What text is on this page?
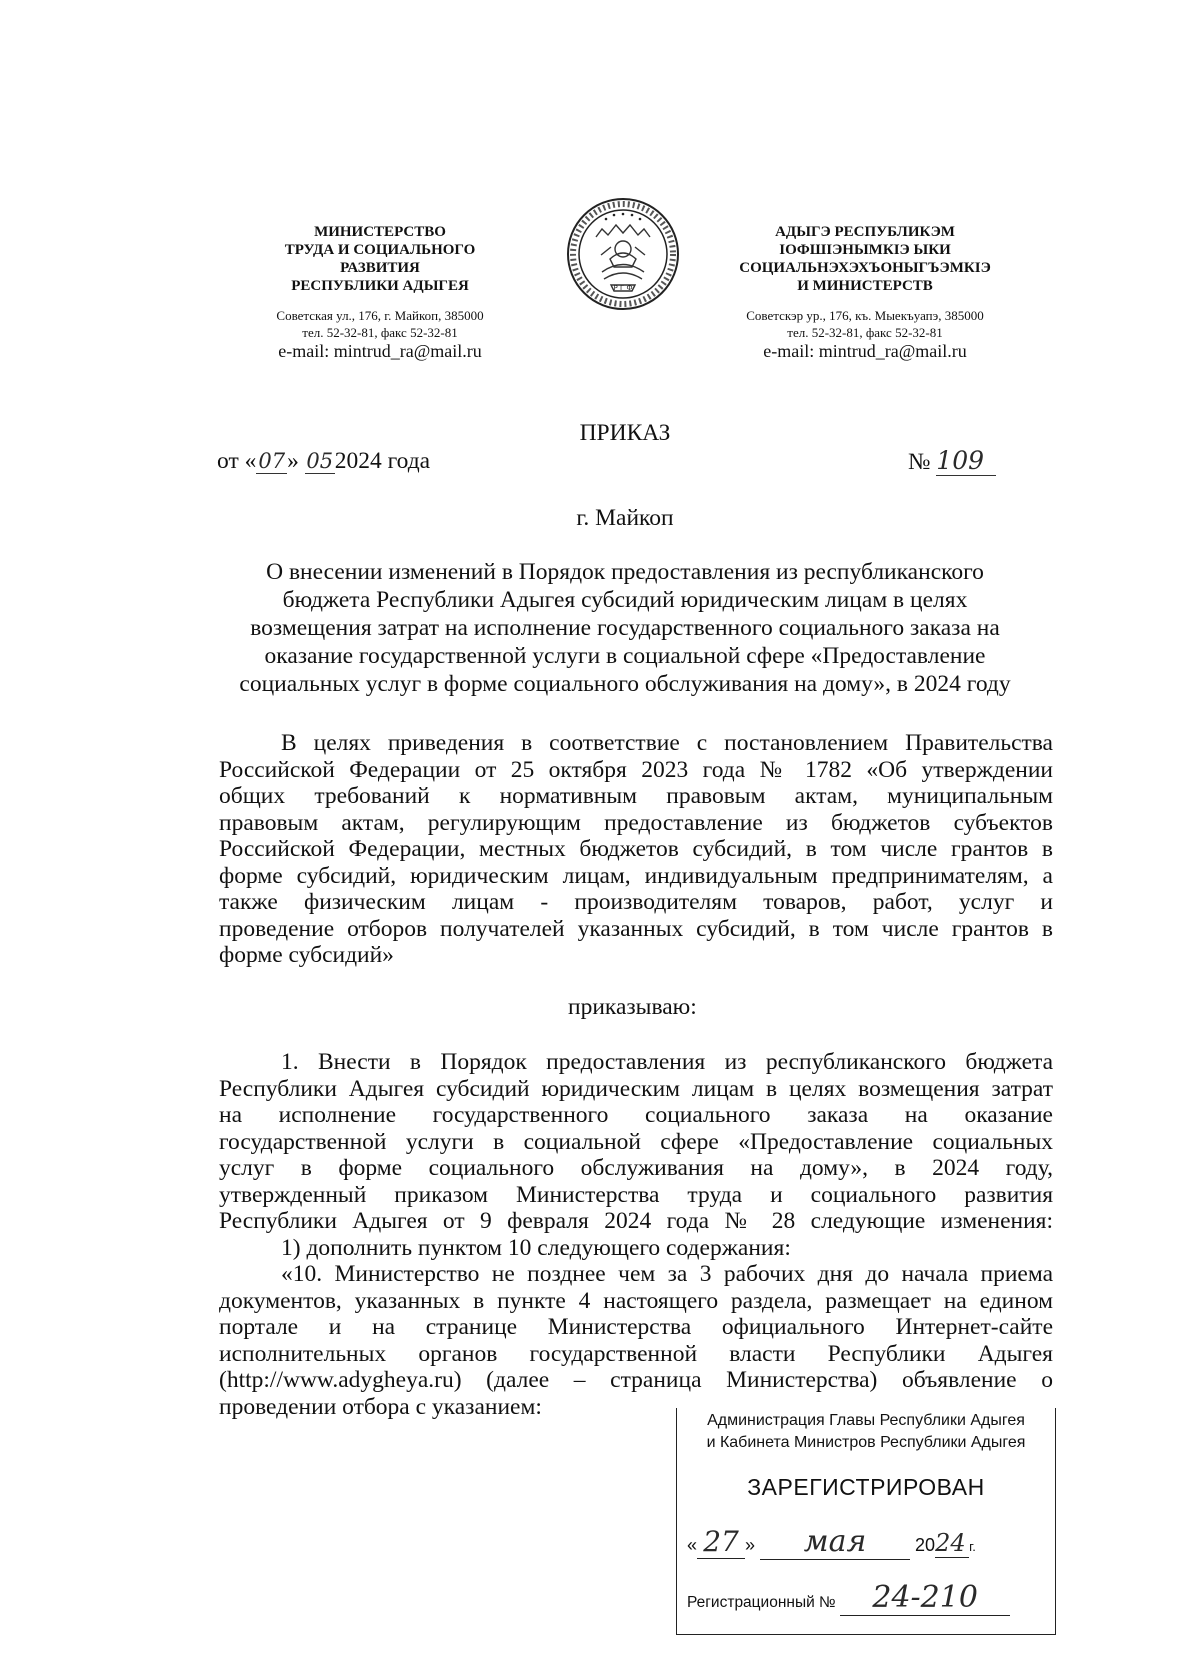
МИНИСТЕРСТВО
ТРУДА И СОЦИАЛЬНОГО
РАЗВИТИЯ
РЕСПУБЛИКИ АДЫГЕЯ
Советская ул., 176, г. Майкоп, 385000
тел. 52-32-81, факс 52-32-81
e-mail: mintrud_ra@mail.ru
Р Г Ф
АДЫГЭ РЕСПУБЛИКЭМ
ІОФШІЭНЫМКІЭ ЫКИ
СОЦИАЛЬНЭХЭХЪОНЫГЪЭМКІЭ
И МИНИСТЕРСТВ
Советскэр ур., 176, къ. Мыекъуапэ, 385000
тел. 52-32-81, факс 52-32-81
e-mail: mintrud_ra@mail.ru
ПРИКАЗ
от «07» 052024 года	№ 109
г. Майкоп
О внесении изменений в Порядок предоставления из республиканского
бюджета Республики Адыгея субсидий юридическим лицам в целях
возмещения затрат на исполнение государственного социального заказа на
оказание государственной услуги в социальной сфере «Предоставление
социальных услуг в форме социального обслуживания на дому», в 2024 году
В целях приведения в соответствие с постановлением Правительства
Российской Федерации от 25 октября 2023 года № 1782 «Об утверждении
общих требований к нормативным правовым актам, муниципальным
правовым актам, регулирующим предоставление из бюджетов субъектов
Российской Федерации, местных бюджетов субсидий, в том числе грантов в
форме субсидий, юридическим лицам, индивидуальным предпринимателям, а
также физическим лицам - производителям товаров, работ, услуг и
проведение отборов получателей указанных субсидий, в том числе грантов в
форме субсидий»
приказываю:
1. Внести в Порядок предоставления из республиканского бюджета
Республики Адыгея субсидий юридическим лицам в целях возмещения затрат
на исполнение государственного социального заказа на оказание
государственной услуги в социальной сфере «Предоставление социальных
услуг в форме социального обслуживания на дому», в 2024 году,
утвержденный приказом Министерства труда и социального развития
Республики Адыгея от 9 февраля 2024 года № 28 следующие изменения:
1) дополнить пунктом 10 следующего содержания:
«10. Министерство не позднее чем за 3 рабочих дня до начала приема
документов, указанных в пункте 4 настоящего раздела, размещает на едином
портале и на странице Министерства официального Интернет-сайте
исполнительных органов государственной власти Республики Адыгея
(http://www.adygheya.ru) (далее – страница Министерства) объявление о
проведении отбора с указанием:
Администрация Главы Республики Адыгея
и Кабинета Министров Республики Адыгея
ЗАРЕГИСТРИРОВАН
« 27 » мая	2024 г.
Регистрационный № 24-210
